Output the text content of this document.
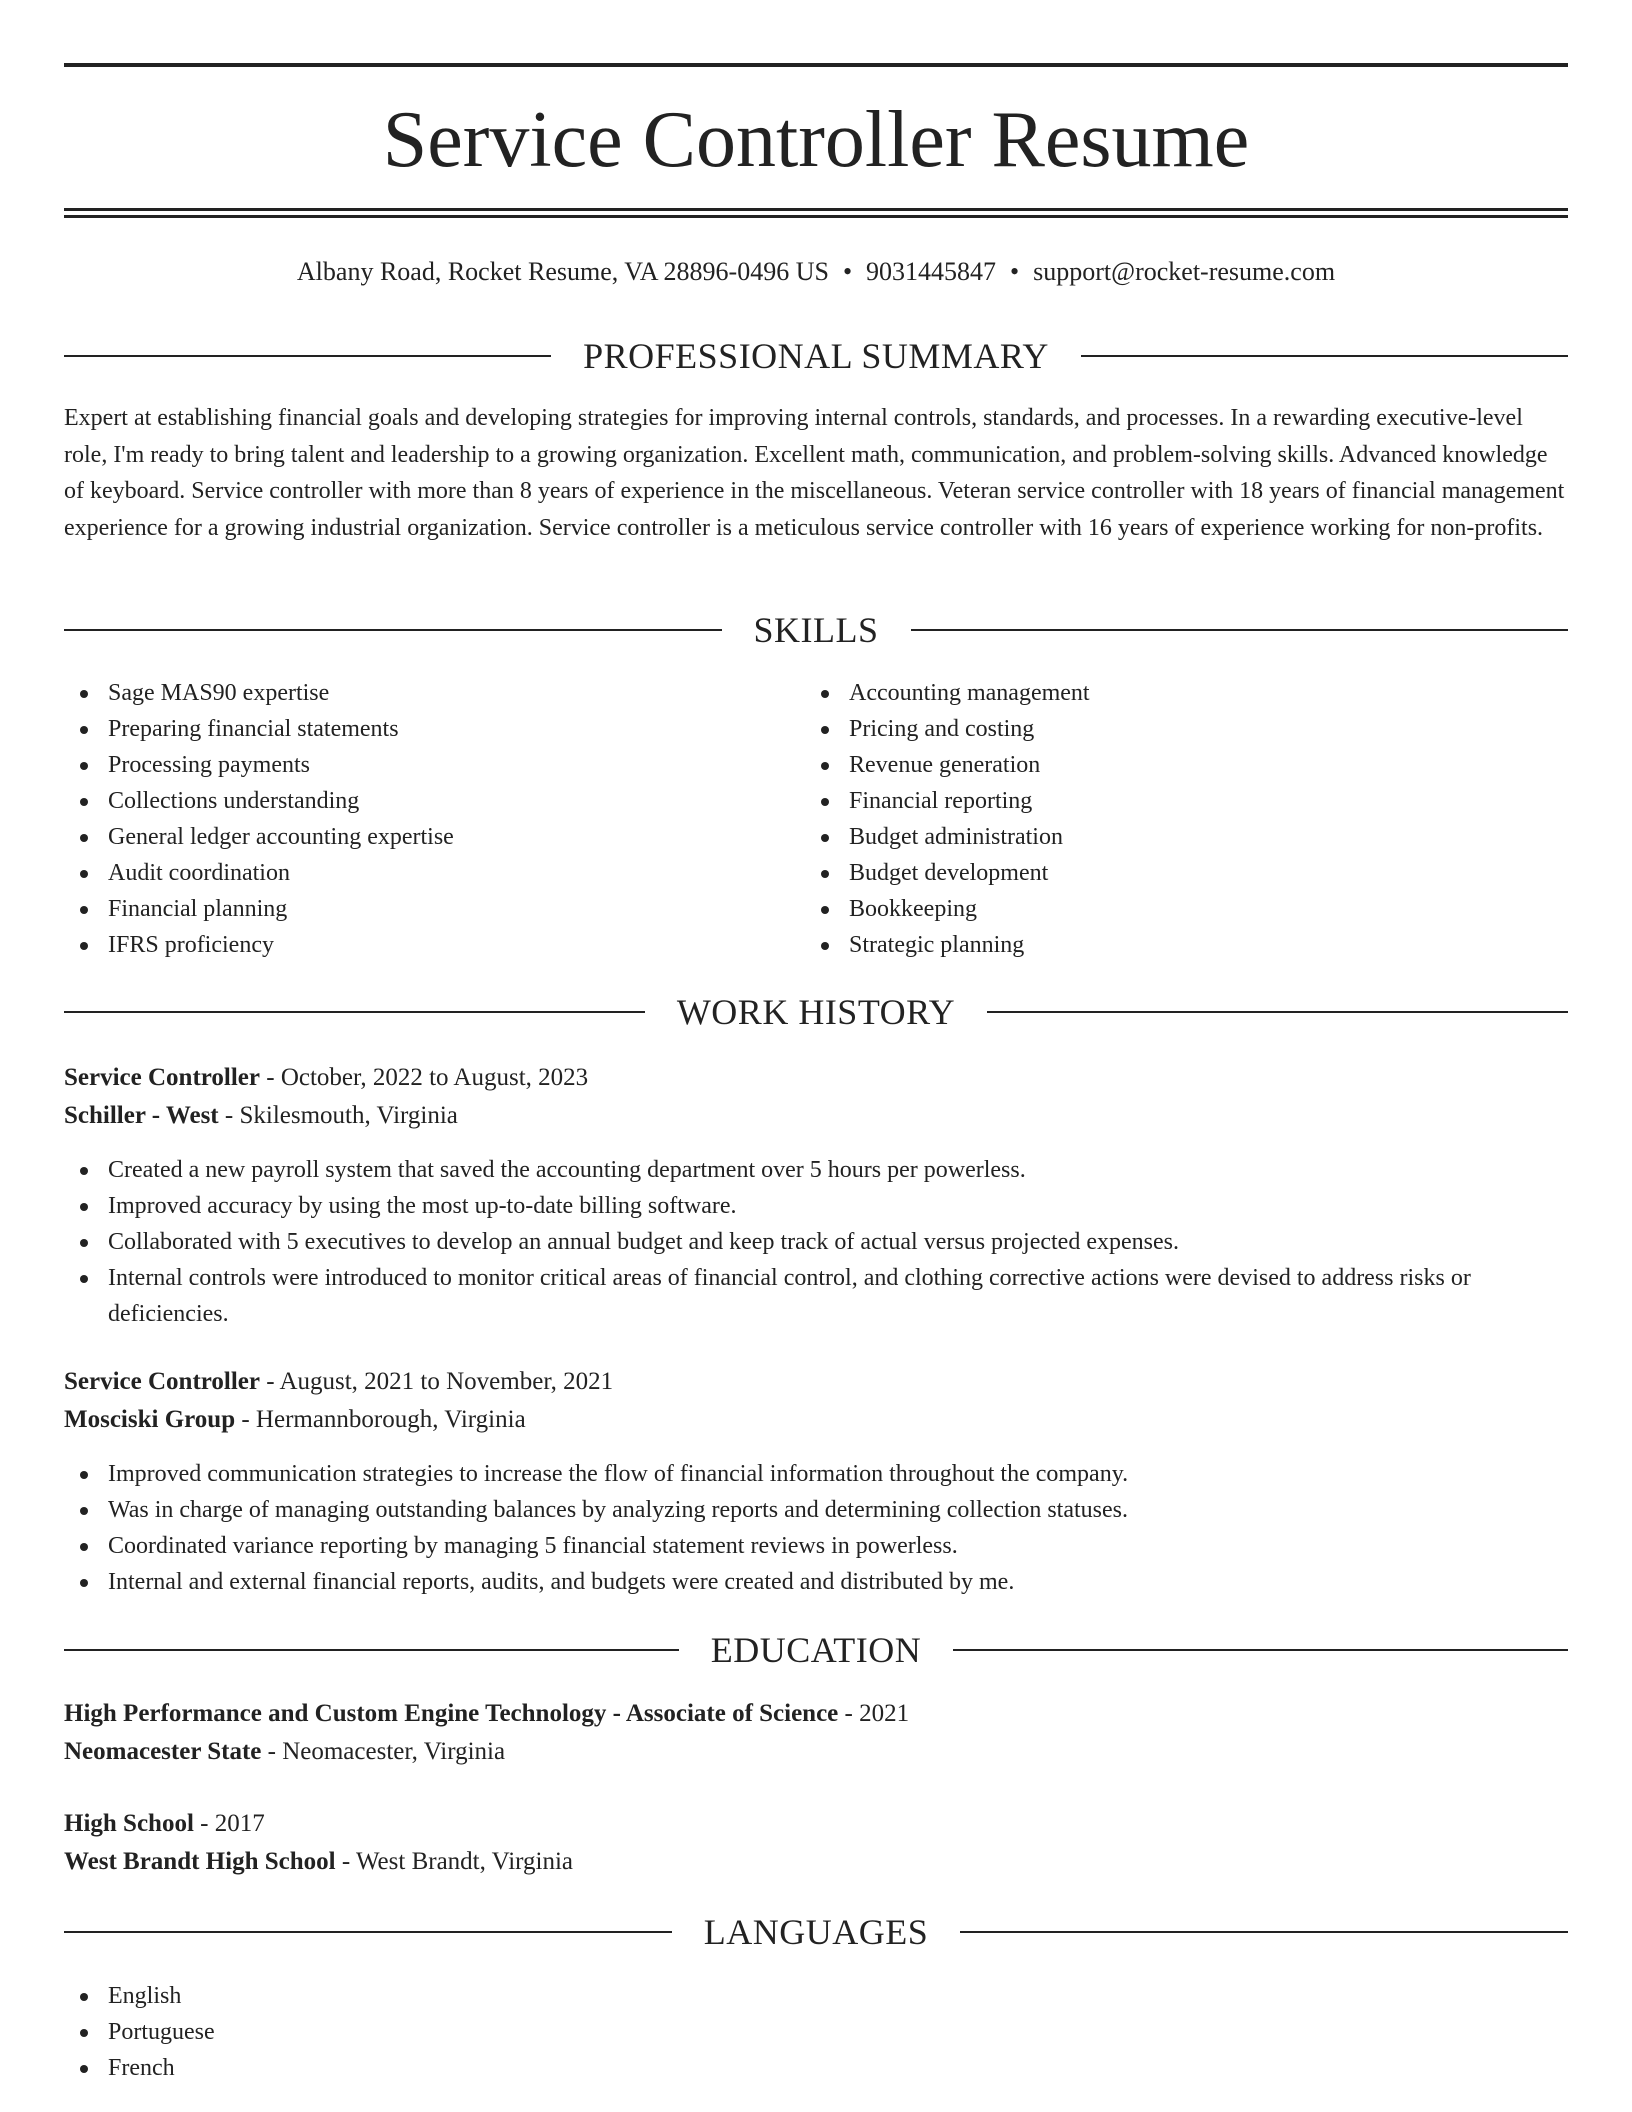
Service Controller Resume
Albany Road, Rocket Resume, VA 28896-0496 US • 9031445847 • support@rocket-resume.com
PROFESSIONAL SUMMARY

Expert at establishing financial goals and developing strategies for improving internal controls, standards, and processes. In a rewarding executive-level role, I'm ready to bring talent and leadership to a growing organization. Excellent math, communication, and problem-solving skills. Advanced knowledge of keyboard. Service controller with more than 8 years of experience in the miscellaneous. Veteran service controller with 18 years of financial management experience for a growing industrial organization. Service controller is a meticulous service controller with 16 years of experience working for non-profits.

SKILLS
Sage MAS90 expertise
Preparing financial statements
Processing payments
Collections understanding
General ledger accounting expertise
Audit coordination
Financial planning
IFRS proficiency
Accounting management
Pricing and costing
Revenue generation
Financial reporting
Budget administration
Budget development
Bookkeeping
Strategic planning
WORK HISTORY
Service Controller - October, 2022 to August, 2023
Schiller - West - Skilesmouth, Virginia
Created a new payroll system that saved the accounting department over 5 hours per powerless.
Improved accuracy by using the most up-to-date billing software.
Collaborated with 5 executives to develop an annual budget and keep track of actual versus projected expenses.
Internal controls were introduced to monitor critical areas of financial control, and clothing corrective actions were devised to address risks or deficiencies.
Service Controller - August, 2021 to November, 2021
Mosciski Group - Hermannborough, Virginia
Improved communication strategies to increase the flow of financial information throughout the company.
Was in charge of managing outstanding balances by analyzing reports and determining collection statuses.
Coordinated variance reporting by managing 5 financial statement reviews in powerless.
Internal and external financial reports, audits, and budgets were created and distributed by me.
EDUCATION
High Performance and Custom Engine Technology - Associate of Science - 2021
Neomacester State - Neomacester, Virginia
High School - 2017
West Brandt High School - West Brandt, Virginia
LANGUAGES
English
Portuguese
French
